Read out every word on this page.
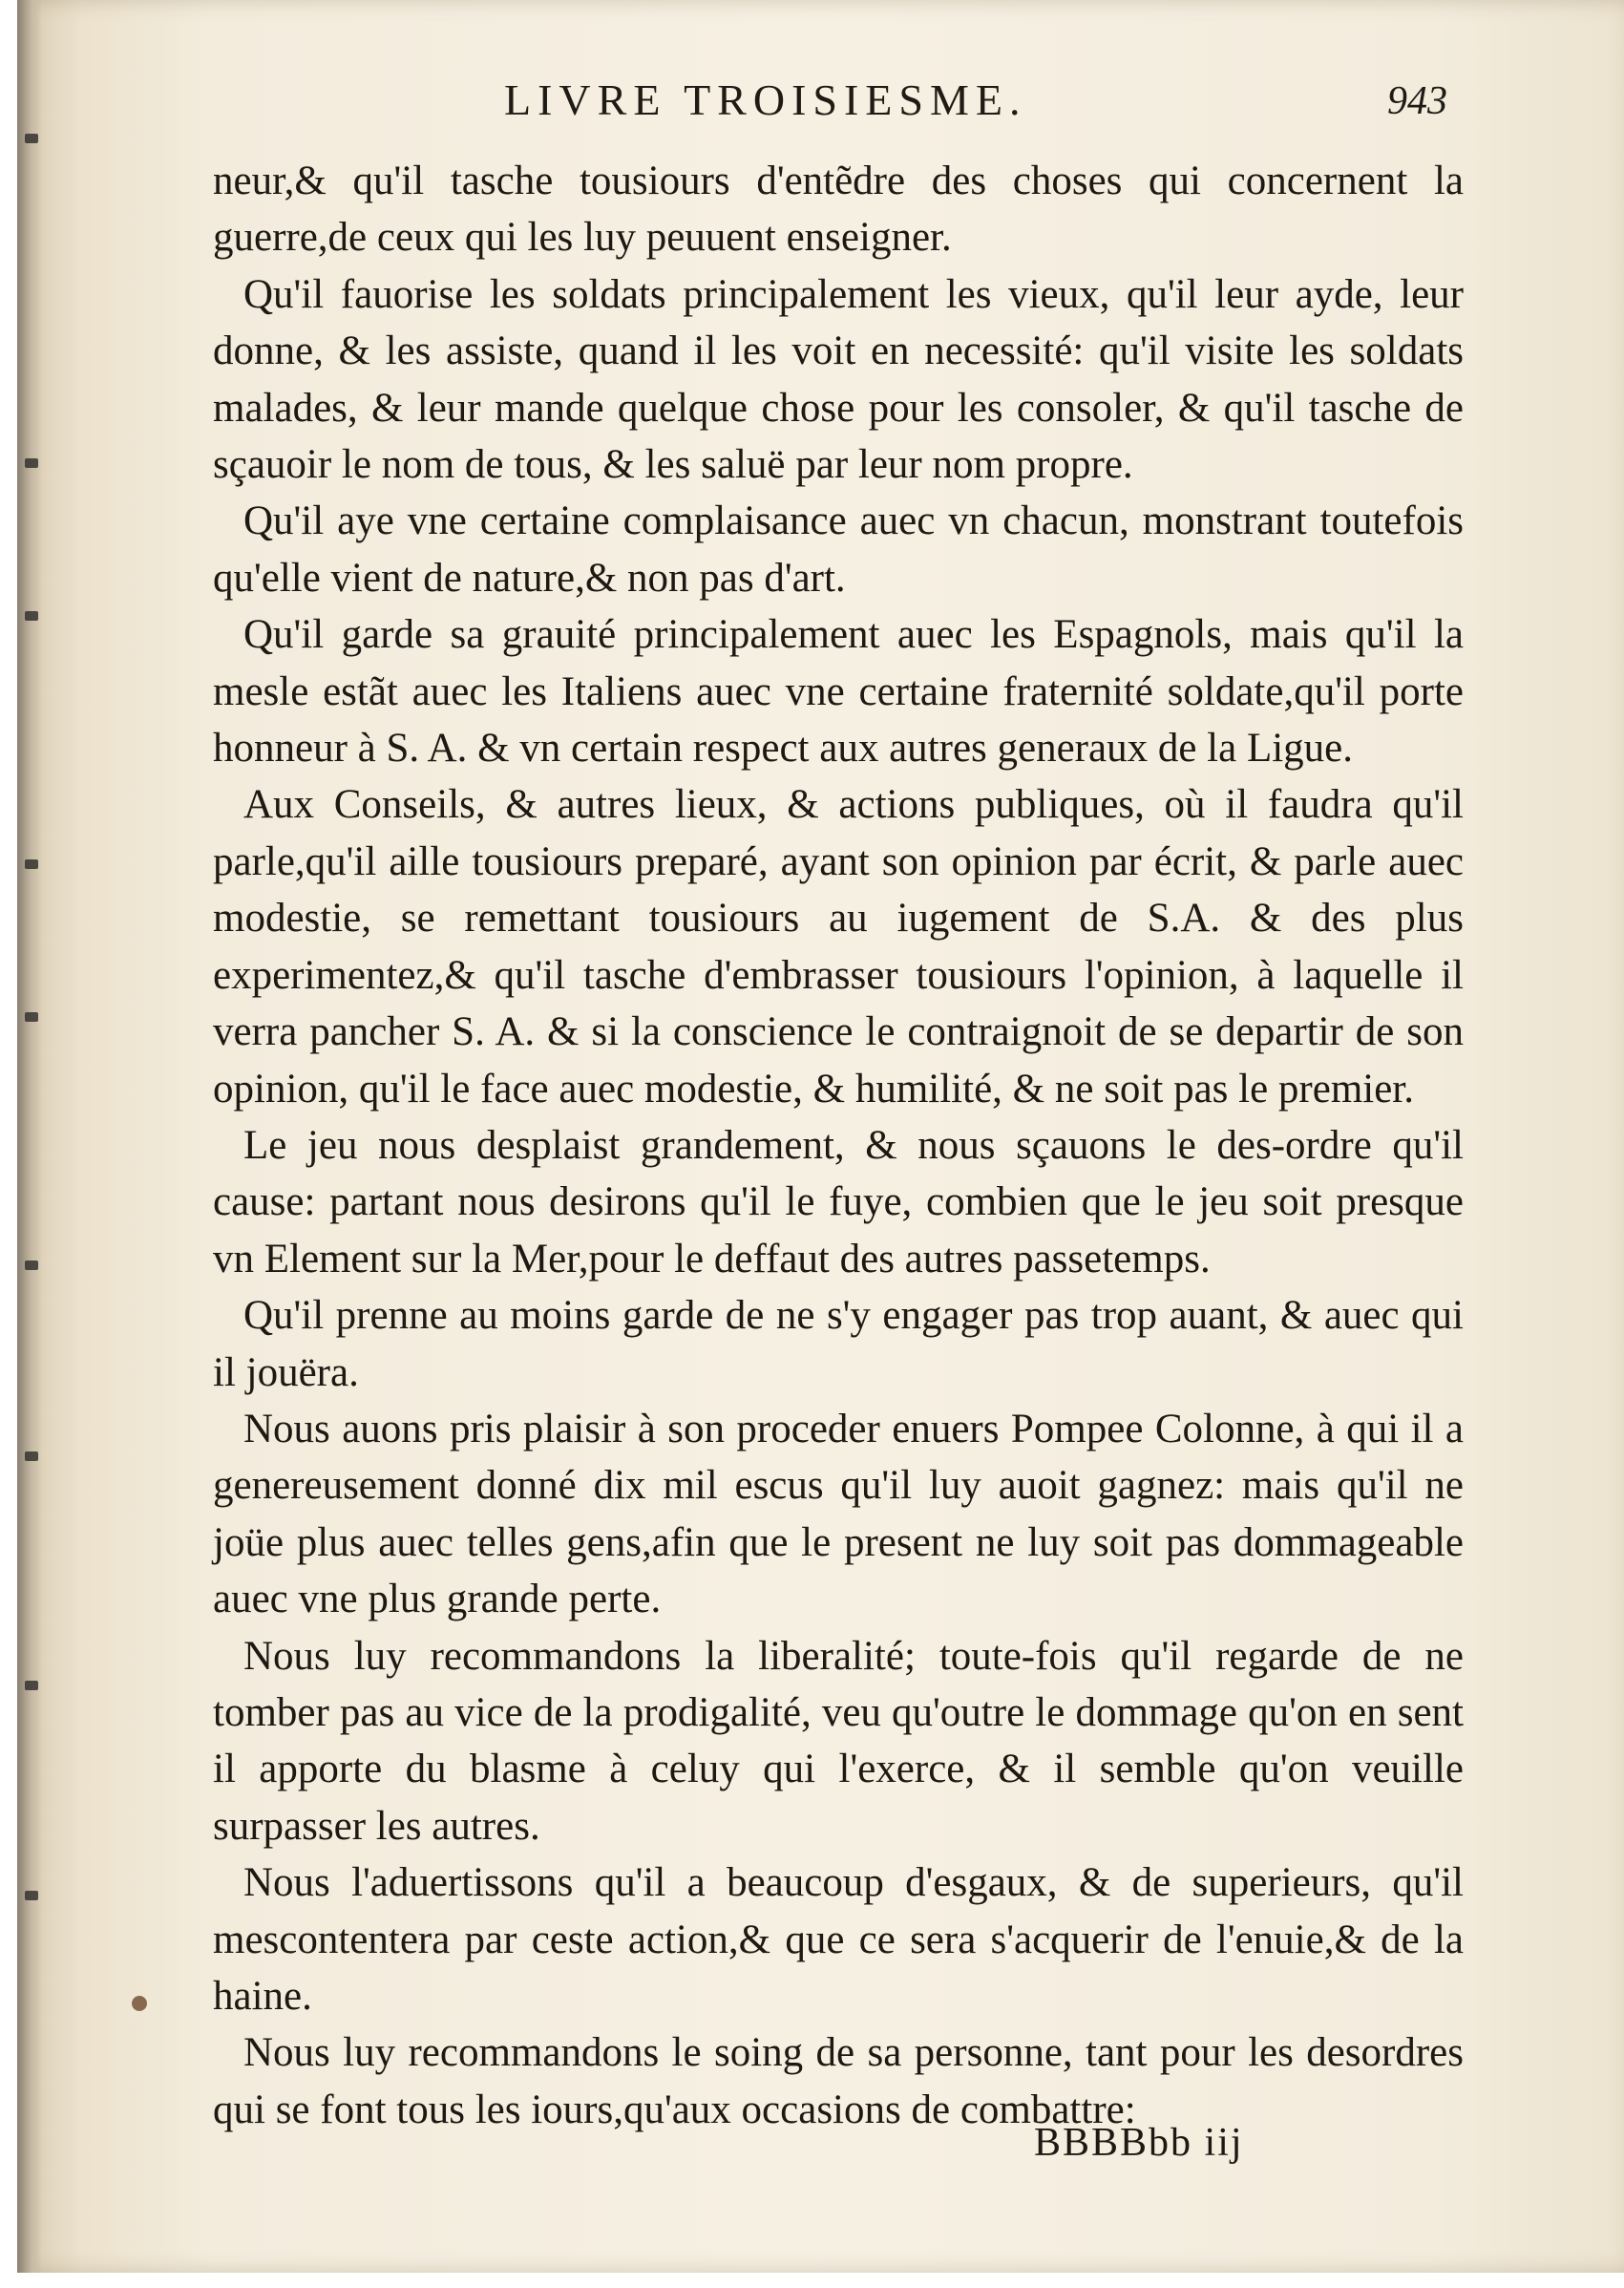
LIVRE TROISIESME.	943

neur,& qu'il tasche tousiours d'entẽdre des choses qui concernent la guerre,de ceux qui les luy peuuent enseigner.

Qu'il fauorise les soldats principalement les vieux, qu'il leur ayde, leur donne, & les assiste, quand il les voit en necessité: qu'il visite les soldats malades, & leur mande quelque chose pour les consoler, & qu'il tasche de sçauoir le nom de tous, & les saluë par leur nom propre.

Qu'il aye vne certaine complaisance auec vn chacun, monstrant toutefois qu'elle vient de nature,& non pas d'art.

Qu'il garde sa grauité principalement auec les Espagnols, mais qu'il la mesle estãt auec les Italiens auec vne certaine fraternité soldate,qu'il porte honneur à S. A. & vn certain respect aux autres generaux de la Ligue.

Aux Conseils, & autres lieux, & actions publiques, où il faudra qu'il parle,qu'il aille tousiours preparé, ayant son opinion par écrit, & parle auec modestie, se remettant tousiours au iugement de S.A. & des plus experimentez,& qu'il tasche d'embrasser tousiours l'opinion, à laquelle il verra pancher S. A. & si la conscience le contraignoit de se departir de son opinion, qu'il le face auec modestie, & humilité, & ne soit pas le premier.

Le jeu nous desplaist grandement, & nous sçauons le des-ordre qu'il cause: partant nous desirons qu'il le fuye, combien que le jeu soit presque vn Element sur la Mer,pour le deffaut des autres passetemps.

Qu'il prenne au moins garde de ne s'y engager pas trop auant, & auec qui il jouëra.

Nous auons pris plaisir à son proceder enuers Pompee Colonne, à qui il a genereusement donné dix mil escus qu'il luy auoit gagnez: mais qu'il ne joüe plus auec telles gens,afin que le present ne luy soit pas dommageable auec vne plus grande perte.

Nous luy recommandons la liberalité; toute-fois qu'il regarde de ne tomber pas au vice de la prodigalité, veu qu'outre le dommage qu'on en sent il apporte du blasme à celuy qui l'exerce, & il semble qu'on veuille surpasser les autres.

Nous l'aduertissons qu'il a beaucoup d'esgaux, & de superieurs, qu'il mescontentera par ceste action,& que ce sera s'acquerir de l'enuie,& de la haine.

Nous luy recommandons le soing de sa personne, tant pour les desordres qui se font tous les iours,qu'aux occasions de combattre:

BBBBbb iij
